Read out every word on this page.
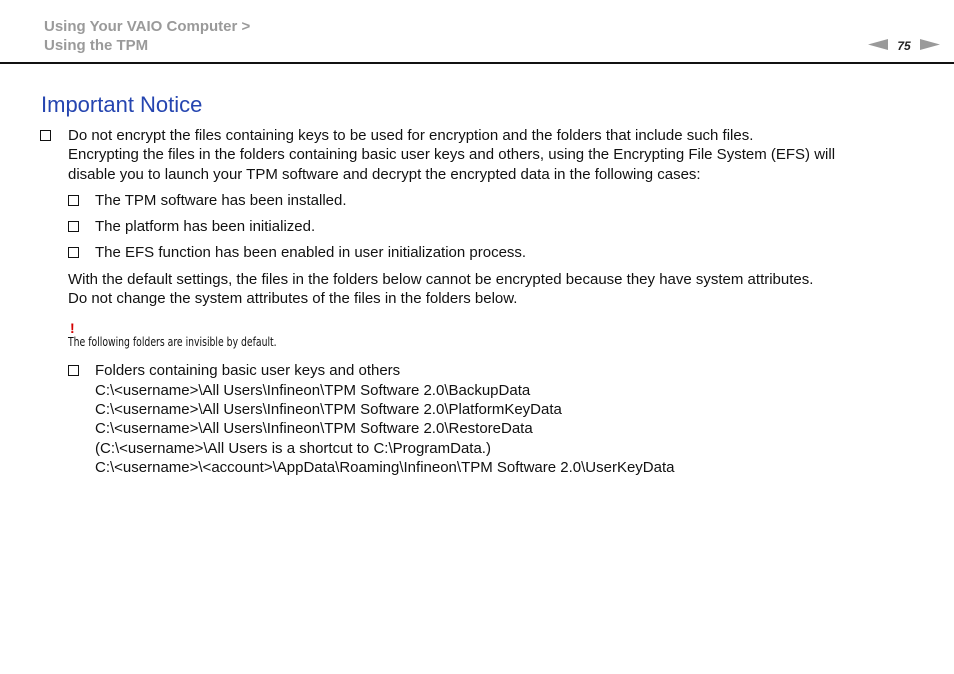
Using Your VAIO Computer >
Using the TPM	75
Important Notice
Do not encrypt the files containing keys to be used for encryption and the folders that include such files.
Encrypting the files in the folders containing basic user keys and others, using the Encrypting File System (EFS) will
disable you to launch your TPM software and decrypt the encrypted data in the following cases:
The TPM software has been installed.
The platform has been initialized.
The EFS function has been enabled in user initialization process.
With the default settings, the files in the folders below cannot be encrypted because they have system attributes.
Do not change the system attributes of the files in the folders below.
!
The following folders are invisible by default.
Folders containing basic user keys and others
C:\<username>\All Users\Infineon\TPM Software 2.0\BackupData
C:\<username>\All Users\Infineon\TPM Software 2.0\PlatformKeyData
C:\<username>\All Users\Infineon\TPM Software 2.0\RestoreData
(C:\<username>\All Users is a shortcut to C:\ProgramData.)
C:\<username>\<account>\AppData\Roaming\Infineon\TPM Software 2.0\UserKeyData
